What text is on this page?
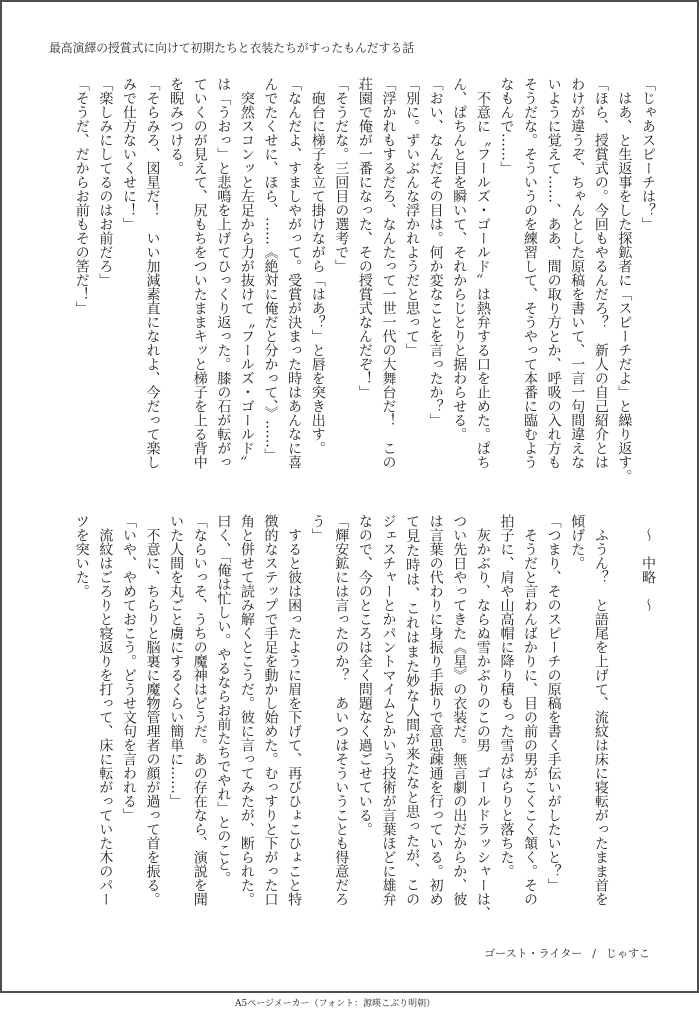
最高演繹の授賞式に向けて初期たちと衣装たちがすったもんだする話
「じゃあスピーチは？」
　はあ、と生返事をした探鉱者に「スピーチだよ」と繰り返す。
「ほら、授賞式の。今回もやるんだろ？　新人の自己紹介とは
わけが違うぞ、ちゃんとした原稿を書いて、一言一句間違えな
いように覚えて……、ああ、間の取り方とか、呼吸の入れ方も
そうだな。そういうのを練習して、そうやって本番に臨むよう
なもんで……」
　不意に〝フールズ・ゴールド〟は熱弁する口を止めた。ぱち
ん、ぱちんと目を瞬いて、それからじとりと据わらせる。
「おい、なんだその目は。何か変なことを言ったか？」
「別に。ずいぶんな浮かれようだと思って」
「浮かれもするだろ、なんたって一世一代の大舞台だ！　この
荘園で俺が一番になった、その授賞式なんだぞ！」
「そうだな。三回目の選考で」
　砲台に梯子を立て掛けながら「はあ？」と唇を突き出す。
「なんだよ、すましやがって。受賞が決まった時はあんなに喜
んでたくせに、ほら、……《絶対に俺だと分かって、》……」
　突然スコンッと左足から力が抜けて〝フールズ・ゴールド〟
は「うおっ」と悲鳴を上げてひっくり返った。膝の石が転がっ
ていくのが見えて、尻もちをついたままキッと梯子を上る背中
を睨みつける。
「そらみろ、図星だ！　いい加減素直になれよ、今だって楽し
みで仕方ないくせに！」
「楽しみにしてるのはお前だろ」
「そうだ、だからお前もその筈だ！」
　〜　中略　〜
　ふうん？　と語尾を上げて、流紋は床に寝転がったまま首を
傾げた。
「つまり、そのスピーチの原稿を書く手伝いがしたいと？」
　そうだと言わんばかりに、目の前の男がこくこく頷く。その
拍子に、肩や山高帽に降り積もった雪がはらりと落ちた。
　灰かぶり、ならぬ雪かぶりのこの男　ゴールドラッシャーは、
つい先日やってきた《星》の衣装だ。無言劇の出だからか、彼
は言葉の代わりに身振り手振りで意思疎通を行っている。初め
て見た時は、これはまた妙な人間が来たなと思ったが、この
ジェスチャーとかパントマイムとかいう技術が言葉ほどに雄弁
なので、今のところは全く問題なく過ごせている。
「輝安鉱には言ったのか？　あいつはそういうことも得意だろ
う」
　すると彼は困ったように眉を下げて、再びひょこひょこと特
徴的なステップで手足を動かし始めた。むっすりと下がった口
角と併せて読み解くとこうだ。彼に言ってみたが、断られた。
曰く、「俺は忙しい。やるならお前たちでやれ」とのこと。
「ならいっそ、うちの魔神はどうだ。あの存在なら、演説を聞
いた人間を丸ごと虜にするくらい簡単に……」
　不意に、ちらりと脳裏に魔物管理者の顔が過って首を振る。
「いや、やめておこう。どうせ文句を言われる」
　流紋はごろりと寝返りを打って、床に転がっていた木のパー
ツを突いた。

ゴースト・ライター / じゃすこ

A5ページメーカー（フォント：源暎こぶり明朝）
